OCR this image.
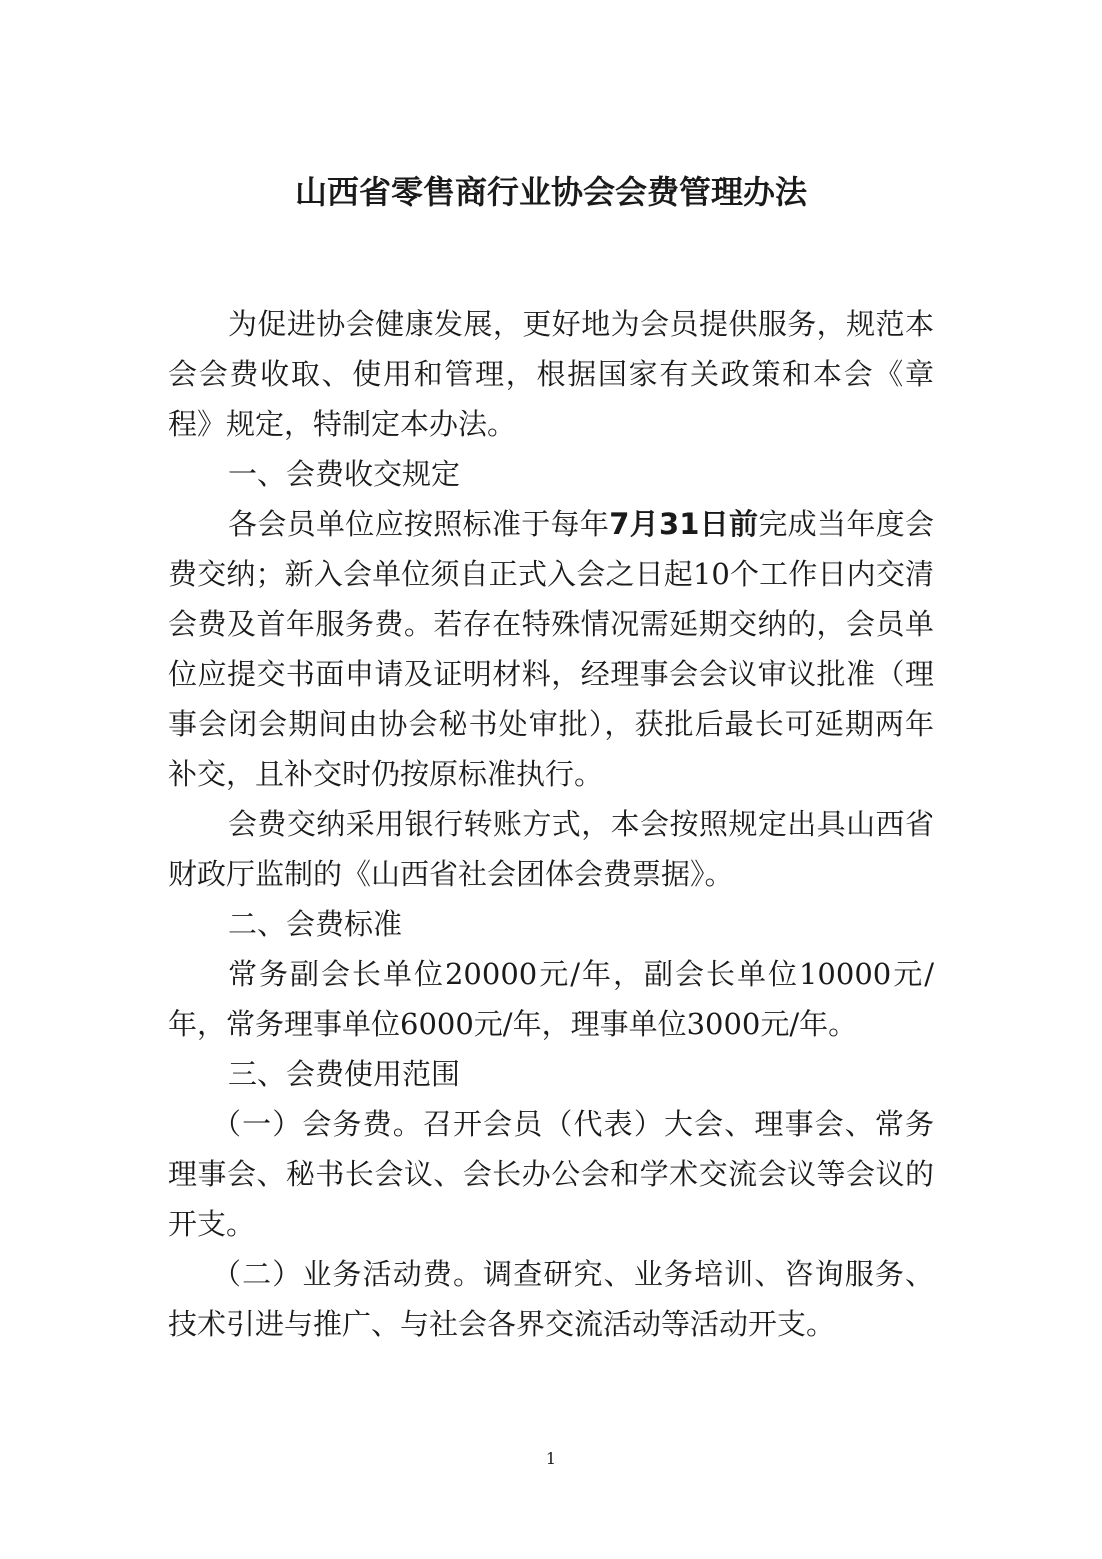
山西省零售商行业协会会费管理办法

为促进协会健康发展，更好地为会员提供服务，规范本会会费收取、使用和管理，根据国家有关政策和本会《章程》规定，特制定本办法。

一、会费收交规定

各会员单位应按照标准于每年7月31日前完成当年度会费交纳；新入会单位须自正式入会之日起10个工作日内交清会费及首年服务费。若存在特殊情况需延期交纳的，会员单位应提交书面申请及证明材料，经理事会会议审议批准（理事会闭会期间由协会秘书处审批），获批后最长可延期两年补交，且补交时仍按原标准执行。

会费交纳采用银行转账方式，本会按照规定出具山西省财政厅监制的《山西省社会团体会费票据》。

二、会费标准

常务副会长单位20000元/年，副会长单位10000元/年，常务理事单位6000元/年，理事单位3000元/年。

三、会费使用范围

（一）会务费。召开会员（代表）大会、理事会、常务理事会、秘书长会议、会长办公会和学术交流会议等会议的开支。

（二）业务活动费。调查研究、业务培训、咨询服务、技术引进与推广、与社会各界交流活动等活动开支。

1
